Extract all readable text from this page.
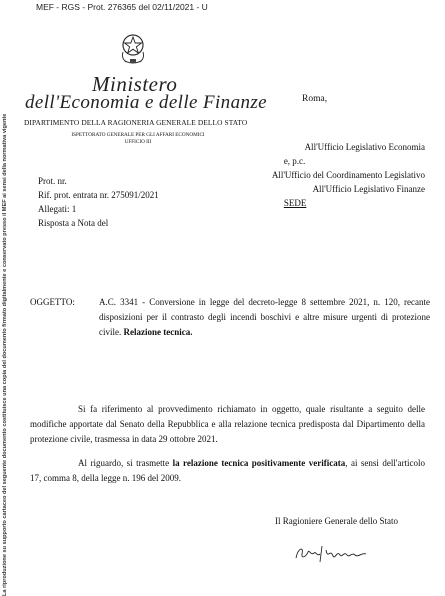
MEF - RGS - Prot. 276365 del 02/11/2021 - U
La riproduzione su supporto cartaceo del seguente documento costituisce una copia del documento firmato digitalmente e conservato presso il MEF ai sensi della normativa vigente
Ministero
dell'Economia e delle Finanze
DIPARTIMENTO DELLA RAGIONERIA GENERALE DELLO STATO
ISPETTORATO GENERALE PER GLI AFFARI ECONOMICI
UFFICIO III
Roma,
All'Ufficio Legislativo Economia
e, p.c.
All'Ufficio del Coordinamento Legislativo
All'Ufficio Legislativo Finanze
SEDE
Prot. nr.
Rif. prot. entrata nr. 275091/2021
Allegati: 1
Risposta a Nota del
OGGETTO:	A.C. 3341 - Conversione in legge del decreto-legge 8 settembre 2021, n. 120, recante disposizioni per il contrasto degli incendi boschivi e altre misure urgenti di protezione civile. Relazione tecnica.
Si fa riferimento al provvedimento richiamato in oggetto, quale risultante a seguito delle modifiche apportate dal Senato della Repubblica e alla relazione tecnica predisposta dal Dipartimento della protezione civile, trasmessa in data 29 ottobre 2021.
Al riguardo, si trasmette la relazione tecnica positivamente verificata, ai sensi dell'articolo 17, comma 8, della legge n. 196 del 2009.
Il Ragioniere Generale dello Stato
